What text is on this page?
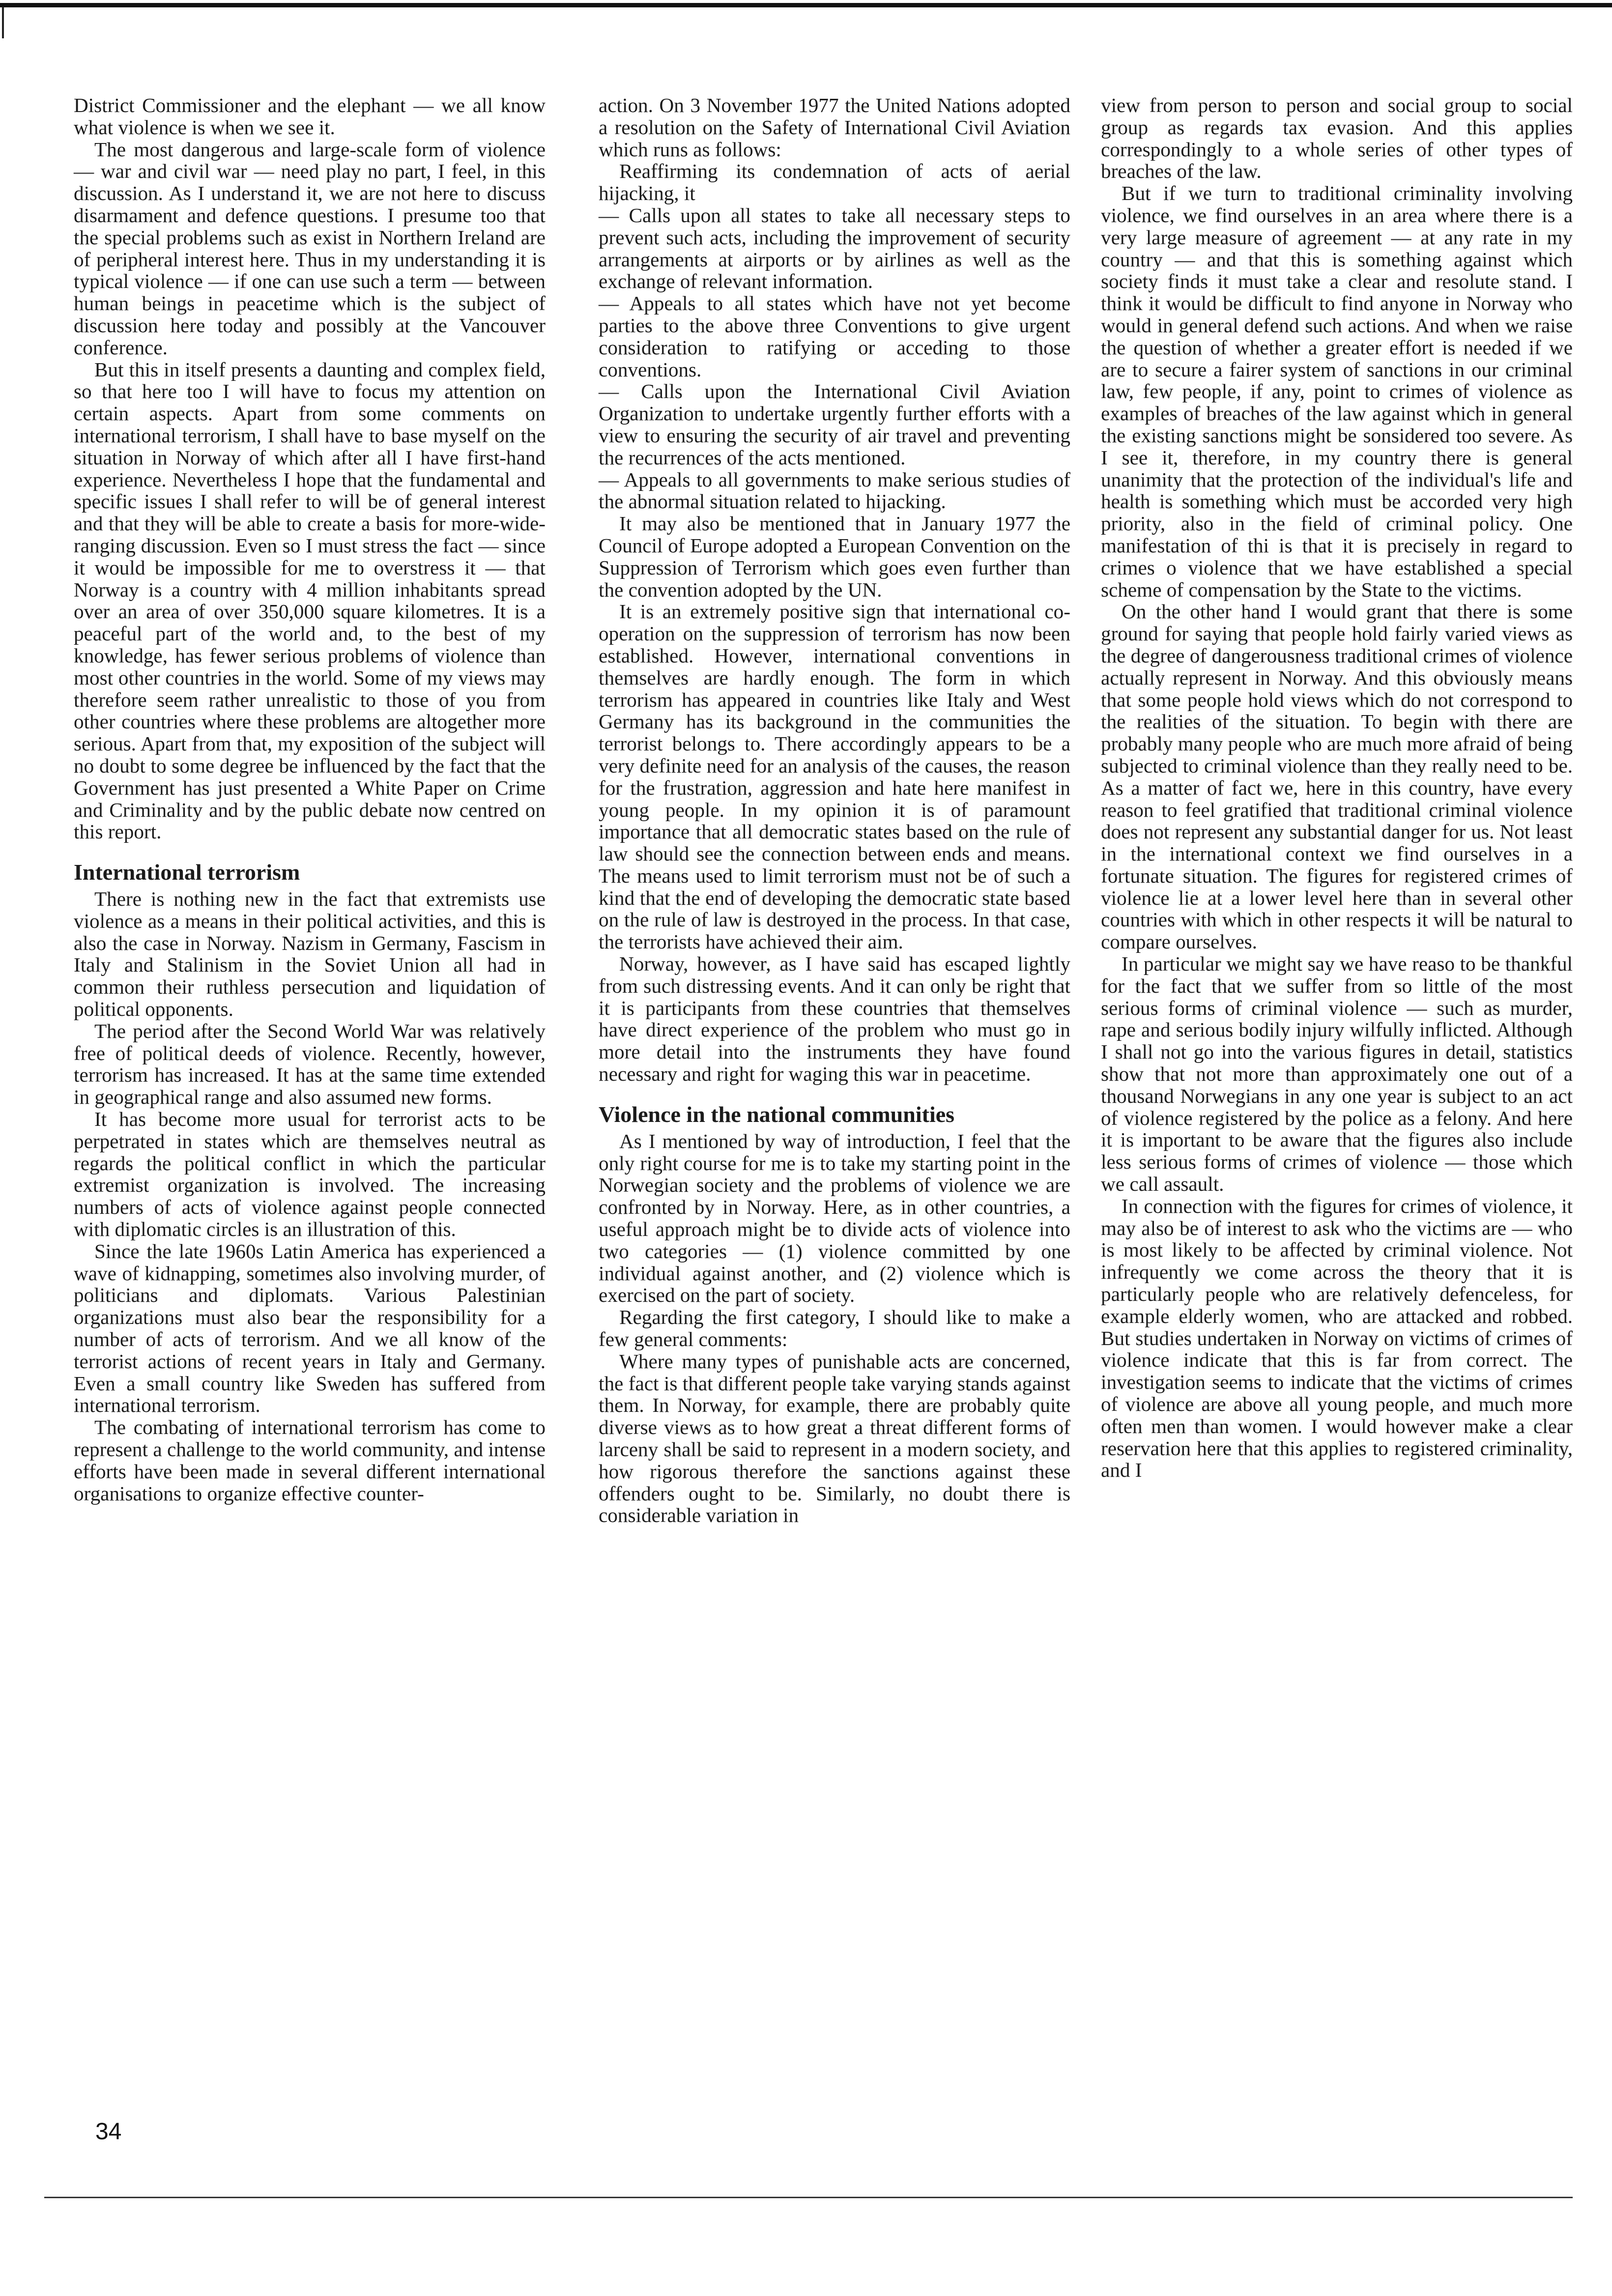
District Commissioner and the elephant — we all know what violence is when we see it.

The most dangerous and large-scale form of violence — war and civil war — need play no part, I feel, in this discussion. As I understand it, we are not here to discuss disarmament and defence questions. I presume too that the special problems such as exist in Northern Ireland are of peripheral interest here. Thus in my understanding it is typical violence — if one can use such a term — between human beings in peacetime which is the subject of discussion here today and possibly at the Vancouver conference.

But this in itself presents a daunting and complex field, so that here too I will have to focus my attention on certain aspects. Apart from some comments on international terrorism, I shall have to base myself on the situation in Norway of which after all I have first-hand experience. Nevertheless I hope that the fundamental and specific issues I shall refer to will be of general interest and that they will be able to create a basis for more-wide-ranging discussion. Even so I must stress the fact — since it would be impossible for me to overstress it — that Norway is a country with 4 million inhabitants spread over an area of over 350,000 square kilometres. It is a peaceful part of the world and, to the best of my knowledge, has fewer serious problems of violence than most other countries in the world. Some of my views may therefore seem rather unrealistic to those of you from other countries where these problems are altogether more serious. Apart from that, my exposition of the subject will no doubt to some degree be influenced by the fact that the Government has just presented a White Paper on Crime and Criminality and by the public debate now centred on this report.

International terrorism

There is nothing new in the fact that extremists use violence as a means in their political activities, and this is also the case in Norway. Nazism in Germany, Fascism in Italy and Stalinism in the Soviet Union all had in common their ruthless persecution and liquidation of political opponents.

The period after the Second World War was relatively free of political deeds of violence. Recently, however, terrorism has increased. It has at the same time extended in geographical range and also assumed new forms.

It has become more usual for terrorist acts to be perpetrated in states which are themselves neutral as regards the political conflict in which the particular extremist organization is involved. The increasing numbers of acts of violence against people connected with diplomatic circles is an illustration of this.

Since the late 1960s Latin America has experienced a wave of kidnapping, sometimes also involving murder, of politicians and diplomats. Various Palestinian organizations must also bear the responsibility for a number of acts of terrorism. And we all know of the terrorist actions of recent years in Italy and Germany. Even a small country like Sweden has suffered from international terrorism.

The combating of international terrorism has come to represent a challenge to the world community, and intense efforts have been made in several different international organisations to organize effective counter-

action. On 3 November 1977 the United Nations adopted a resolution on the Safety of International Civil Aviation which runs as follows:

Reaffirming its condemnation of acts of aerial hijacking, it

— Calls upon all states to take all necessary steps to prevent such acts, including the improvement of security arrangements at airports or by airlines as well as the exchange of relevant information.

— Appeals to all states which have not yet become parties to the above three Conventions to give urgent consideration to ratifying or acceding to those conventions.

— Calls upon the International Civil Aviation Organization to undertake urgently further efforts with a view to ensuring the security of air travel and preventing the recurrences of the acts mentioned.

— Appeals to all governments to make serious studies of the abnormal situation related to hijacking.

It may also be mentioned that in January 1977 the Council of Europe adopted a European Convention on the Suppression of Terrorism which goes even further than the convention adopted by the UN.

It is an extremely positive sign that international co-operation on the suppression of terrorism has now been established. However, international conventions in themselves are hardly enough. The form in which terrorism has appeared in countries like Italy and West Germany has its background in the communities the terrorist belongs to. There accordingly appears to be a very definite need for an analysis of the causes, the reason for the frustration, aggression and hate here manifest in young people. In my opinion it is of paramount importance that all democratic states based on the rule of law should see the connection between ends and means. The means used to limit terrorism must not be of such a kind that the end of developing the democratic state based on the rule of law is destroyed in the process. In that case, the terrorists have achieved their aim.

Norway, however, as I have said has escaped lightly from such distressing events. And it can only be right that it is participants from these countries that themselves have direct experience of the problem who must go in more detail into the instruments they have found necessary and right for waging this war in peacetime.

Violence in the national communities

As I mentioned by way of introduction, I feel that the only right course for me is to take my starting point in the Norwegian society and the problems of violence we are confronted by in Norway. Here, as in other countries, a useful approach might be to divide acts of violence into two categories — (1) violence committed by one individual against another, and (2) violence which is exercised on the part of society.

Regarding the first category, I should like to make a few general comments:

Where many types of punishable acts are concerned, the fact is that different people take varying stands against them. In Norway, for example, there are probably quite diverse views as to how great a threat different forms of larceny shall be said to represent in a modern society, and how rigorous therefore the sanctions against these offenders ought to be. Similarly, no doubt there is considerable variation in

view from person to person and social group to social group as regards tax evasion. And this applies correspondingly to a whole series of other types of breaches of the law.

But if we turn to traditional criminality involving violence, we find ourselves in an area where there is a very large measure of agreement — at any rate in my country — and that this is something against which society finds it must take a clear and resolute stand. I think it would be difficult to find anyone in Norway who would in general defend such actions. And when we raise the question of whether a greater effort is needed if we are to secure a fairer system of sanctions in our criminal law, few people, if any, point to crimes of violence as examples of breaches of the law against which in general the existing sanctions might be sonsidered too severe. As I see it, therefore, in my country there is general unanimity that the protection of the individual's life and health is something which must be accorded very high priority, also in the field of criminal policy. One manifestation of thi is that it is precisely in regard to crimes o violence that we have established a special scheme of compensation by the State to the victims.

On the other hand I would grant that there is some ground for saying that people hold fairly varied views as the degree of dangerousness traditional crimes of violence actually represent in Norway. And this obviously means that some people hold views which do not correspond to the realities of the situation. To begin with there are probably many people who are much more afraid of being subjected to criminal violence than they really need to be. As a matter of fact we, here in this country, have every reason to feel gratified that traditional criminal violence does not represent any substantial danger for us. Not least in the international context we find ourselves in a fortunate situation. The figures for registered crimes of violence lie at a lower level here than in several other countries with which in other respects it will be natural to compare ourselves.

In particular we might say we have reaso to be thankful for the fact that we suffer from so little of the most serious forms of criminal violence — such as murder, rape and serious bodily injury wilfully inflicted. Although I shall not go into the various figures in detail, statistics show that not more than approximately one out of a thousand Norwegians in any one year is subject to an act of violence registered by the police as a felony. And here it is important to be aware that the figures also include less serious forms of crimes of violence — those which we call assault.

In connection with the figures for crimes of violence, it may also be of interest to ask who the victims are — who is most likely to be affected by criminal violence. Not infrequently we come across the theory that it is particularly people who are relatively defenceless, for example elderly women, who are attacked and robbed. But studies undertaken in Norway on victims of crimes of violence indicate that this is far from correct. The investigation seems to indicate that the victims of crimes of violence are above all young people, and much more often men than women. I would however make a clear reservation here that this applies to registered criminality, and I

34
